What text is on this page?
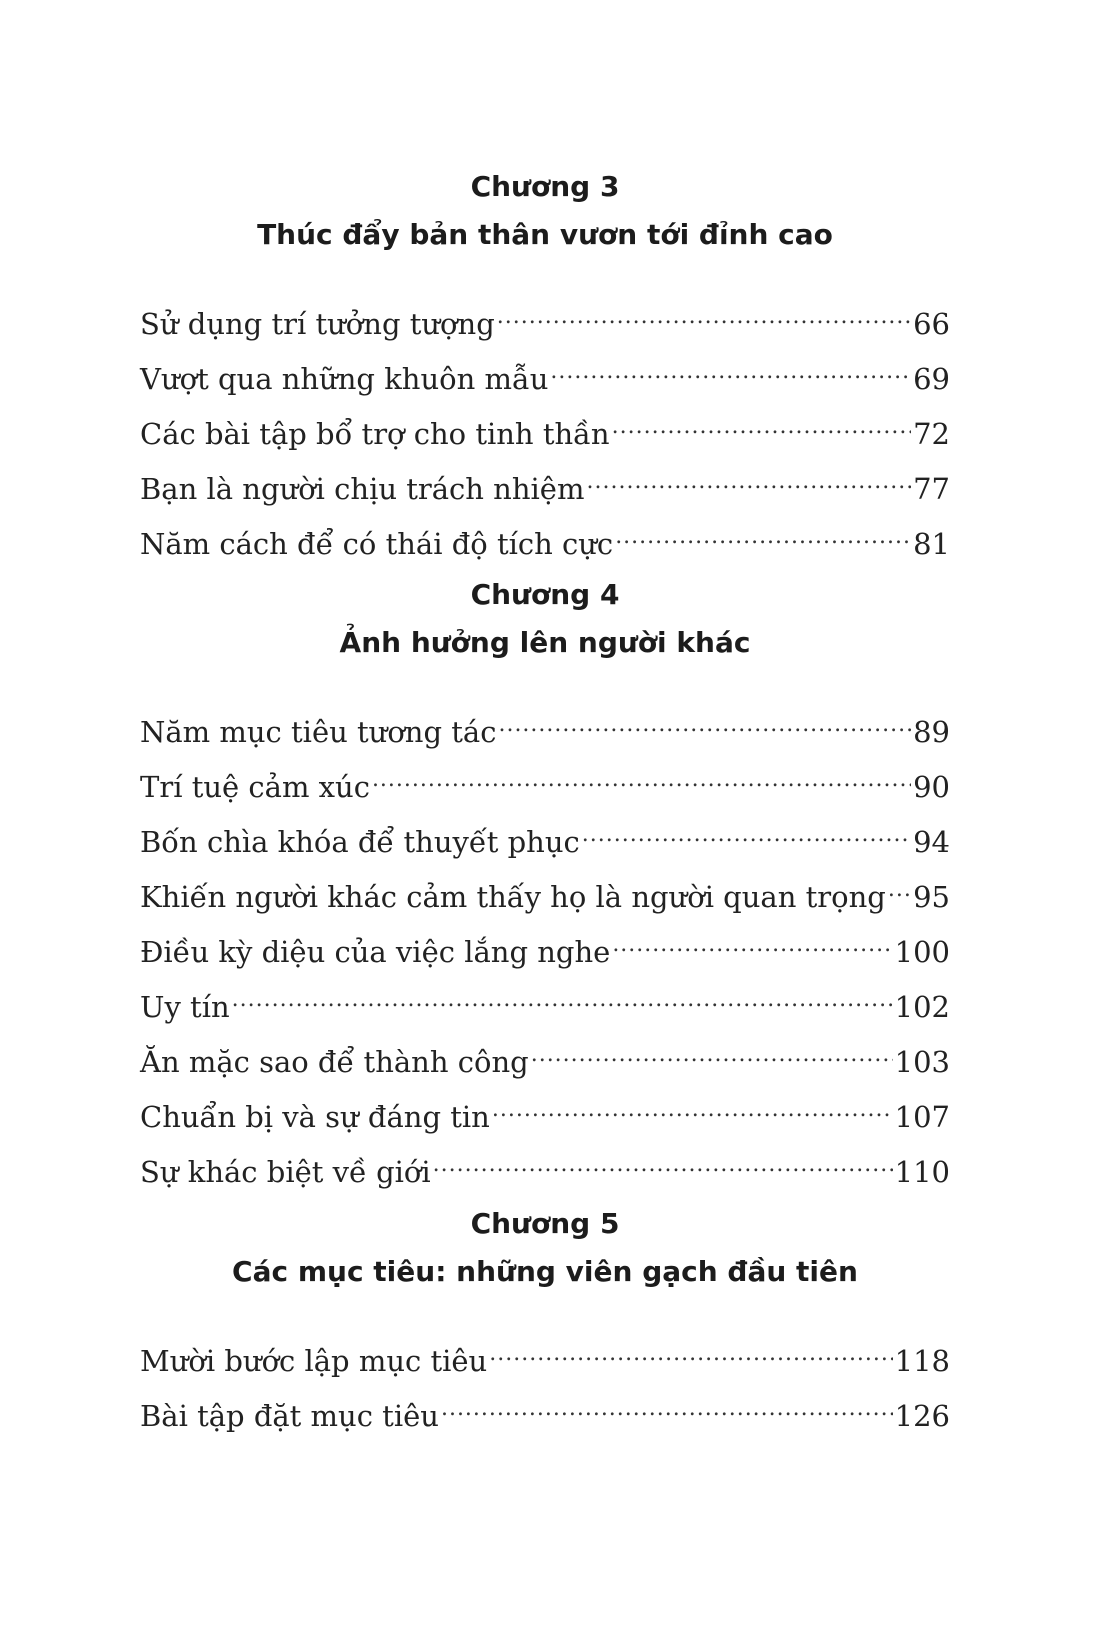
Chương 3
Thúc đẩy bản thân vươn tới đỉnh cao
Sử dụng trí tưởng tượng .....	66
Vượt qua những khuôn mẫu .....	69
Các bài tập bổ trợ cho tinh thần .....	72
Bạn là người chịu trách nhiệm .....	77
Năm cách để có thái độ tích cực .....	81
Chương 4
Ảnh hưởng lên người khác
Năm mục tiêu tương tác .....	89
Trí tuệ cảm xúc .....	90
Bốn chìa khóa để thuyết phục .....	94
Khiến người khác cảm thấy họ là người quan trọng ..... 95
Điều kỳ diệu của việc lắng nghe .....	100
Uy tín .....	102
Ăn mặc sao để thành công .....	103
Chuẩn bị và sự đáng tin .....	107
Sự khác biệt về giới .....	110
Chương 5
Các mục tiêu: những viên gạch đầu tiên
Mười bước lập mục tiêu .....	118
Bài tập đặt mục tiêu .....	126
